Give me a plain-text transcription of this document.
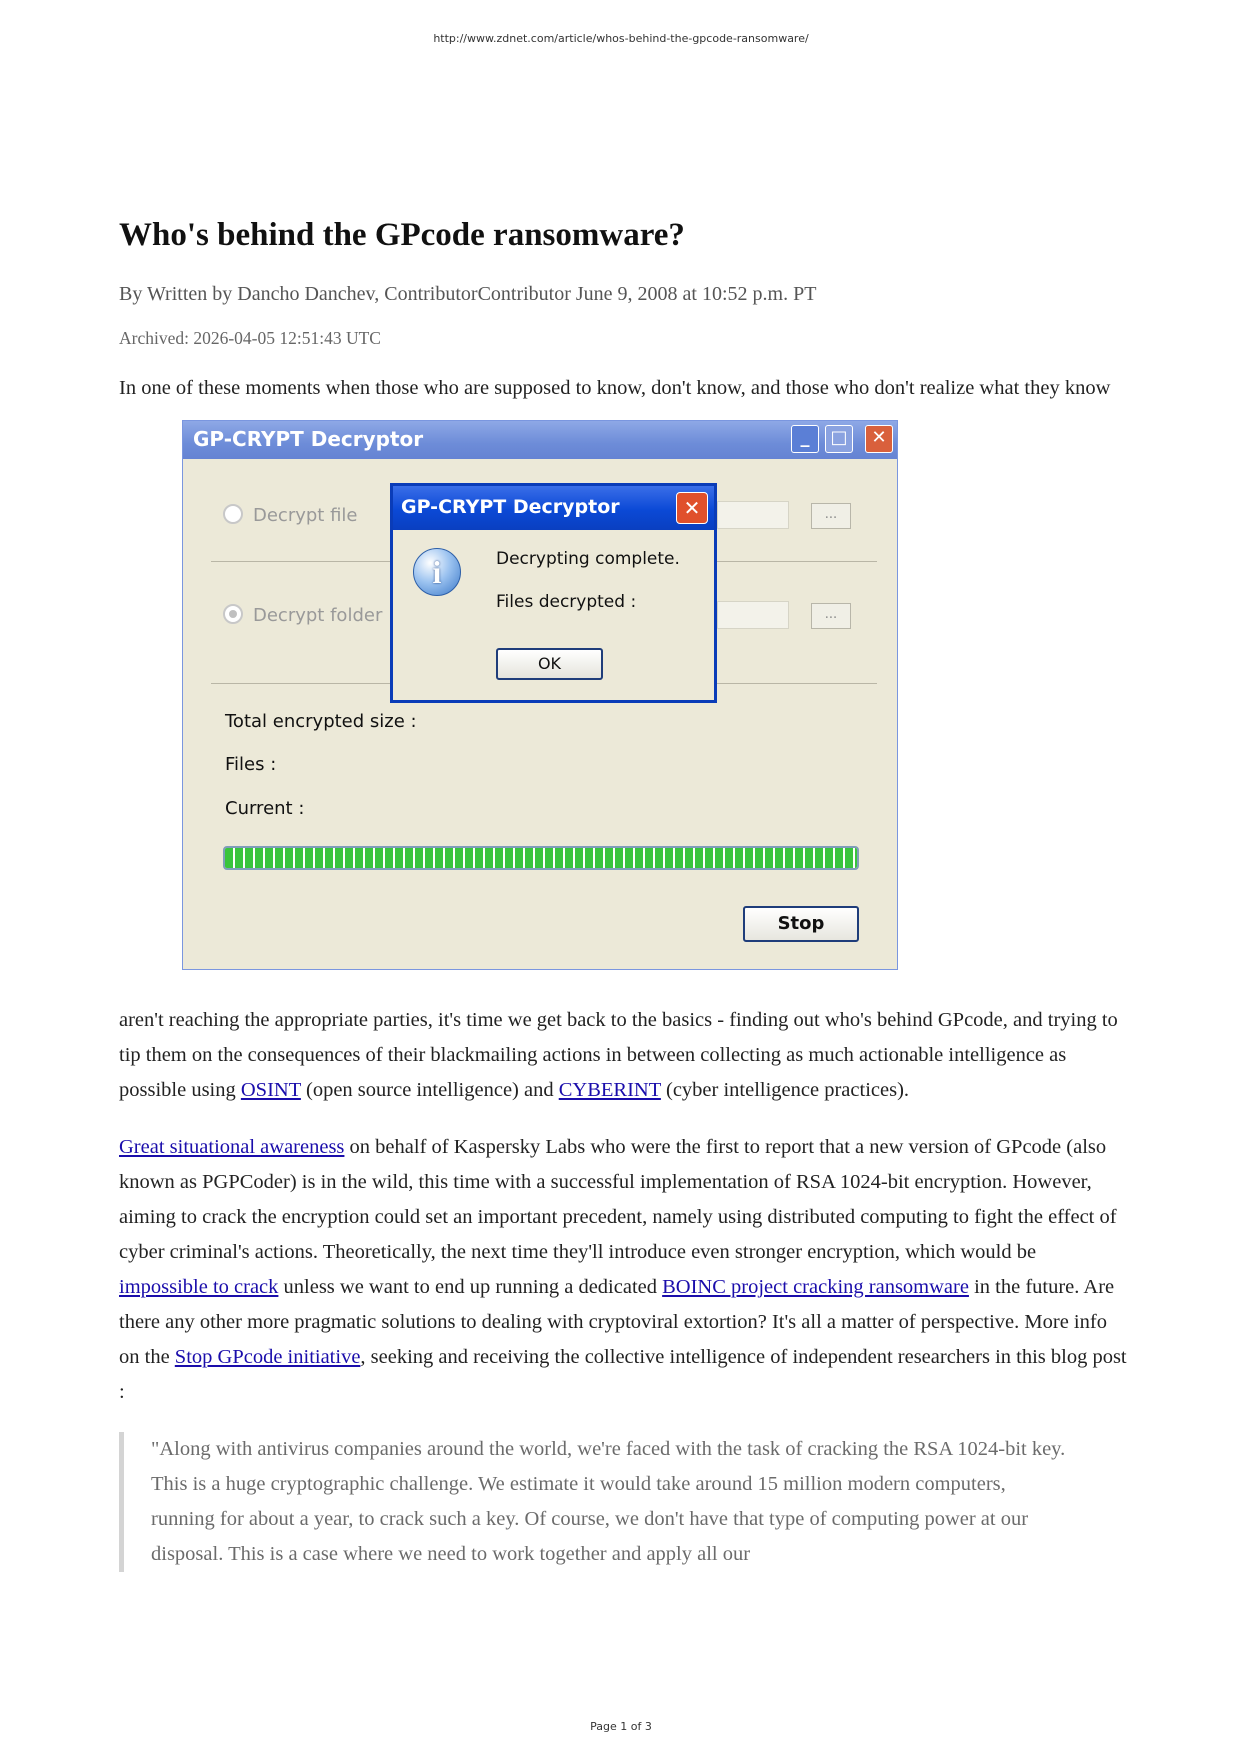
http://www.zdnet.com/article/whos-behind-the-gpcode-ransomware/
Who's behind the GPcode ransomware?
By Written by Dancho Danchev, ContributorContributor June 9, 2008 at 10:52 p.m. PT
Archived: 2026-04-05 12:51:43 UTC

In one of these moments when those who are supposed to know, don't know, and those who don't realize what they know

GP-CRYPT Decryptor	_	□	✕
Decrypt file	...
Decrypt folder	...
Total encrypted size :
Files :
Current :
Stop
GP-CRYPT Decryptor	✕
i	Decrypting complete.
Files decrypted :
OK

aren't reaching the appropriate parties, it's time we get back to the basics - finding out who's behind GPcode, and trying to tip them on the consequences of their blackmailing actions in between collecting as much actionable intelligence as possible using OSINT (open source intelligence) and CYBERINT (cyber intelligence practices).

Great situational awareness on behalf of Kaspersky Labs who were the first to report that a new version of GPcode (also known as PGPCoder) is in the wild, this time with a successful implementation of RSA 1024-bit encryption. However, aiming to crack the encryption could set an important precedent, namely using distributed computing to fight the effect of cyber criminal's actions. Theoretically, the next time they'll introduce even stronger encryption, which would be impossible to crack unless we want to end up running a dedicated BOINC project cracking ransomware in the future. Are there any other more pragmatic solutions to dealing with cryptoviral extortion? It's all a matter of perspective. More info on the Stop GPcode initiative, seeking and receiving the collective intelligence of independent researchers in this blog post :

"Along with antivirus companies around the world, we're faced with the task of cracking the RSA 1024-bit key. This is a huge cryptographic challenge. We estimate it would take around 15 million modern computers, running for about a year, to crack such a key. Of course, we don't have that type of computing power at our disposal. This is a case where we need to work together and apply all our

Page 1 of 3
